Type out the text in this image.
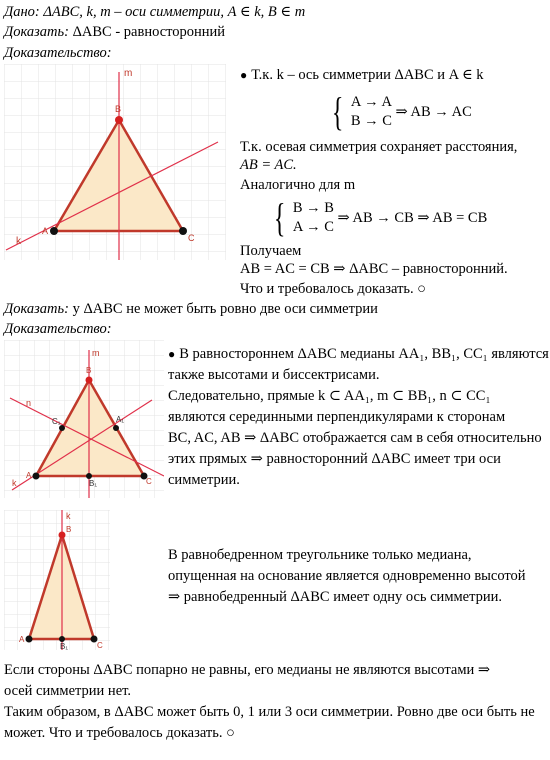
Дано: ΔABC, k, m – оси симметрии, A ∈ k, B ∈ m
Доказать: ΔABC - равносторонний
Доказательство:
m
B
A
C
k

● Т.к. k – ось симметрии ΔABC и A ∈ k

{ A → A
B → C
⇒ AB → AC

Т.к. осевая симметрия сохраняет расстояния,

AB = AC.

Аналогично для m

{ B → B
A → C
⇒ AB → CB ⇒ AB = CB

Получаем

AB = AC = CB ⇒ ΔABC – равносторонний.

Что и требовалось доказать. ○

Доказать: у ΔABC не может быть ровно две оси симметрии
Доказательство:
m
B
n
C₁	A₁
k
A
B₁	C

● В равностороннем ΔABC медианы AA₁, BB₁, CC₁ являются

также высотами и биссектрисами.

Следовательно, прямые k ⊂ AA₁, m ⊂ BB₁, n ⊂ CC₁

являются серединными перпендикулярами к сторонам

BC, AC, AB ⇒ ΔABC отображается сам в себя относительно

этих прямых ⇒ равносторонний ΔABC имеет три оси

симметрии.

k
B
A
B₁	C

В равнобедренном треугольнике только медиана,

опущенная на основание является одновременно высотой

⇒ равнобедренный ΔABC имеет одну ось симметрии.

Если стороны ΔABC попарно не равны, его медианы не являются высотами ⇒

осей симметрии нет.

Таким образом, в ΔABC может быть 0, 1 или 3 оси симметрии. Ровно две оси быть не

может. Что и требовалось доказать. ○
